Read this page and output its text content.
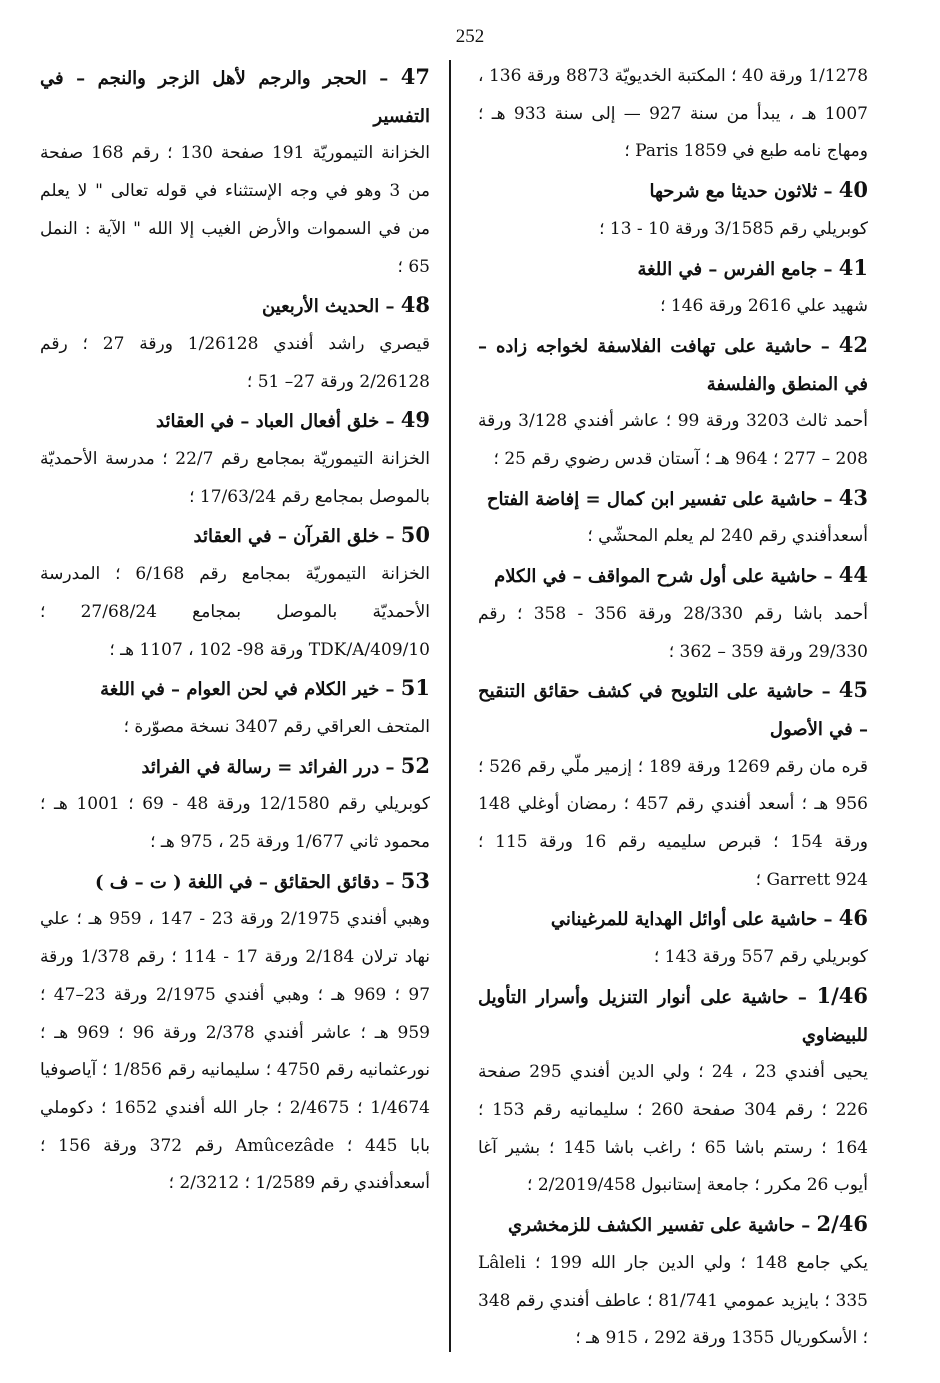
252

1/1278 ورقة 40 ؛ المكتبة الخديويّة 8873 ورقة 136 ، 1007 هـ ، يبدأ من سنة 927 — إلى سنة 933 هـ ؛ ومهاج نامه طبع في Paris 1859 ؛

40 – ثلاثون حديثا مع شرحها

كوبريلي رقم 3/1585 ورقة 10 - 13 ؛

41 – جامع الفرس – في اللغة

شهيد علي 2616 ورقة 146 ؛

42 – حاشية على تهافت الفلاسفة لخواجه زاده – في المنطق والفلسفة

أحمد ثالث 3203 ورقة 99 ؛ عاشر أفندي 3/128 ورقة 208 – 277 ؛ 964 هـ ؛ آستان قدس رضوي رقم 25 ؛

43 – حاشية على تفسير ابن كمال = إفاضة الفتاح

أسعدأفندي رقم 240 لم يعلم المحشّي ؛

44 – حاشية على أول شرح المواقف – في الكلام

أحمد باشا رقم 28/330 ورقة 356 - 358 ؛ رقم 29/330 ورقة 359 – 362 ؛

45 – حاشية على التلويح في كشف حقائق التنقيح – في الأصول

قره مان رقم 1269 ورقة 189 ؛ إزمير ملّي رقم 526 ؛ 956 هـ ؛ أسعد أفندي رقم 457 ؛ رمضان أوغلي 148 ورقة 154 ؛ قبرص سليميه رقم 16 ورقة 115 ؛ Garrett 924 ؛

46 – حاشية على أوائل الهداية للمرغيناني

كوبريلي رقم 557 ورقة 143 ؛

1/46 – حاشية على أنوار التنزيل وأسرار التأويل للبيضاوي

يحيى أفندي 23 ، 24 ؛ ولي الدين أفندي 295 صفحة 226 ؛ رقم 304 صفحة 260 ؛ سليمانيه رقم 153 ؛ 164 ؛ رستم باشا 65 ؛ راغب باشا 145 ؛ بشير آغا أيوب 26 مكرر ؛ جامعة إستانبول 2/2019/458 ؛

2/46 – حاشية على تفسير الكشف للزمخشري

يكي جامع 148 ؛ ولي الدين جار الله 199 ؛ Lâleli 335 ؛ بايزيد عمومي 81/741 ؛ عاطف أفندي رقم 348 ؛ الأسكوريال 1355 ورقة 292 ، 915 هـ ؛

47 – الحجر والرجم لأهل الزجر والنجم – في التفسير

الخزانة التيموريّة 191 صفحة 130 ؛ رقم 168 صفحة من 3 وهو في وجه الإستثناء في قوله تعالى " لا يعلم من في السموات والأرض الغيب إلا الله " الآية : النمل 65 ؛

48 – الحديث الأربعين

قيصري راشد أفندي 1/26128 ورقة 27 ؛ رقم 2/26128 ورقة 27– 51 ؛

49 – خلق أفعال العباد – في العقائد

الخزانة التيموريّة بمجامع رقم 22/7 ؛ مدرسة الأحمديّة بالموصل بمجامع رقم 17/63/24 ؛

50 – خلق القرآن – في العقائد

الخزانة التيموريّة بمجامع رقم 6/168 ؛ المدرسة الأحمديّة بالموصل بمجامع 27/68/24 ؛ TDK/A/409/10 ورقة 98- 102 ، 1107 هـ ؛

51 – خير الكلام في لحن العوام – في اللغة

المتحف العراقي رقم 3407 نسخة مصوّرة ؛

52 – درر الفرائد = رسالة في الفرائد

كوبريلي رقم 12/1580 ورقة 48 - 69 ؛ 1001 هـ ؛ محمود ثاني 1/677 ورقة 25 ، 975 هـ ؛

53 – دقائق الحقائق – في اللغة ( ت – ف )

وهبي أفندي 2/1975 ورقة 23 - 147 ، 959 هـ ؛ علي نهاد ترلان 2/184 ورقة 17 - 114 ؛ رقم 1/378 ورقة 97 ؛ 969 هـ ؛ وهبي أفندي 2/1975 ورقة 23–47 ؛ 959 هـ ؛ عاشر أفندي 2/378 ورقة 96 ؛ 969 هـ ؛ نورعثمانيه رقم 4750 ؛ سليمانيه رقم 1/856 ؛ آياصوفيا 1/4674 ؛ 2/4675 ؛ جار الله أفندي 1652 ؛ دكوملي بابا 445 ؛ Amûcezâde رقم 372 ورقة 156 ؛ أسعدأفندي رقم 1/2589 ؛ 2/3212 ؛
